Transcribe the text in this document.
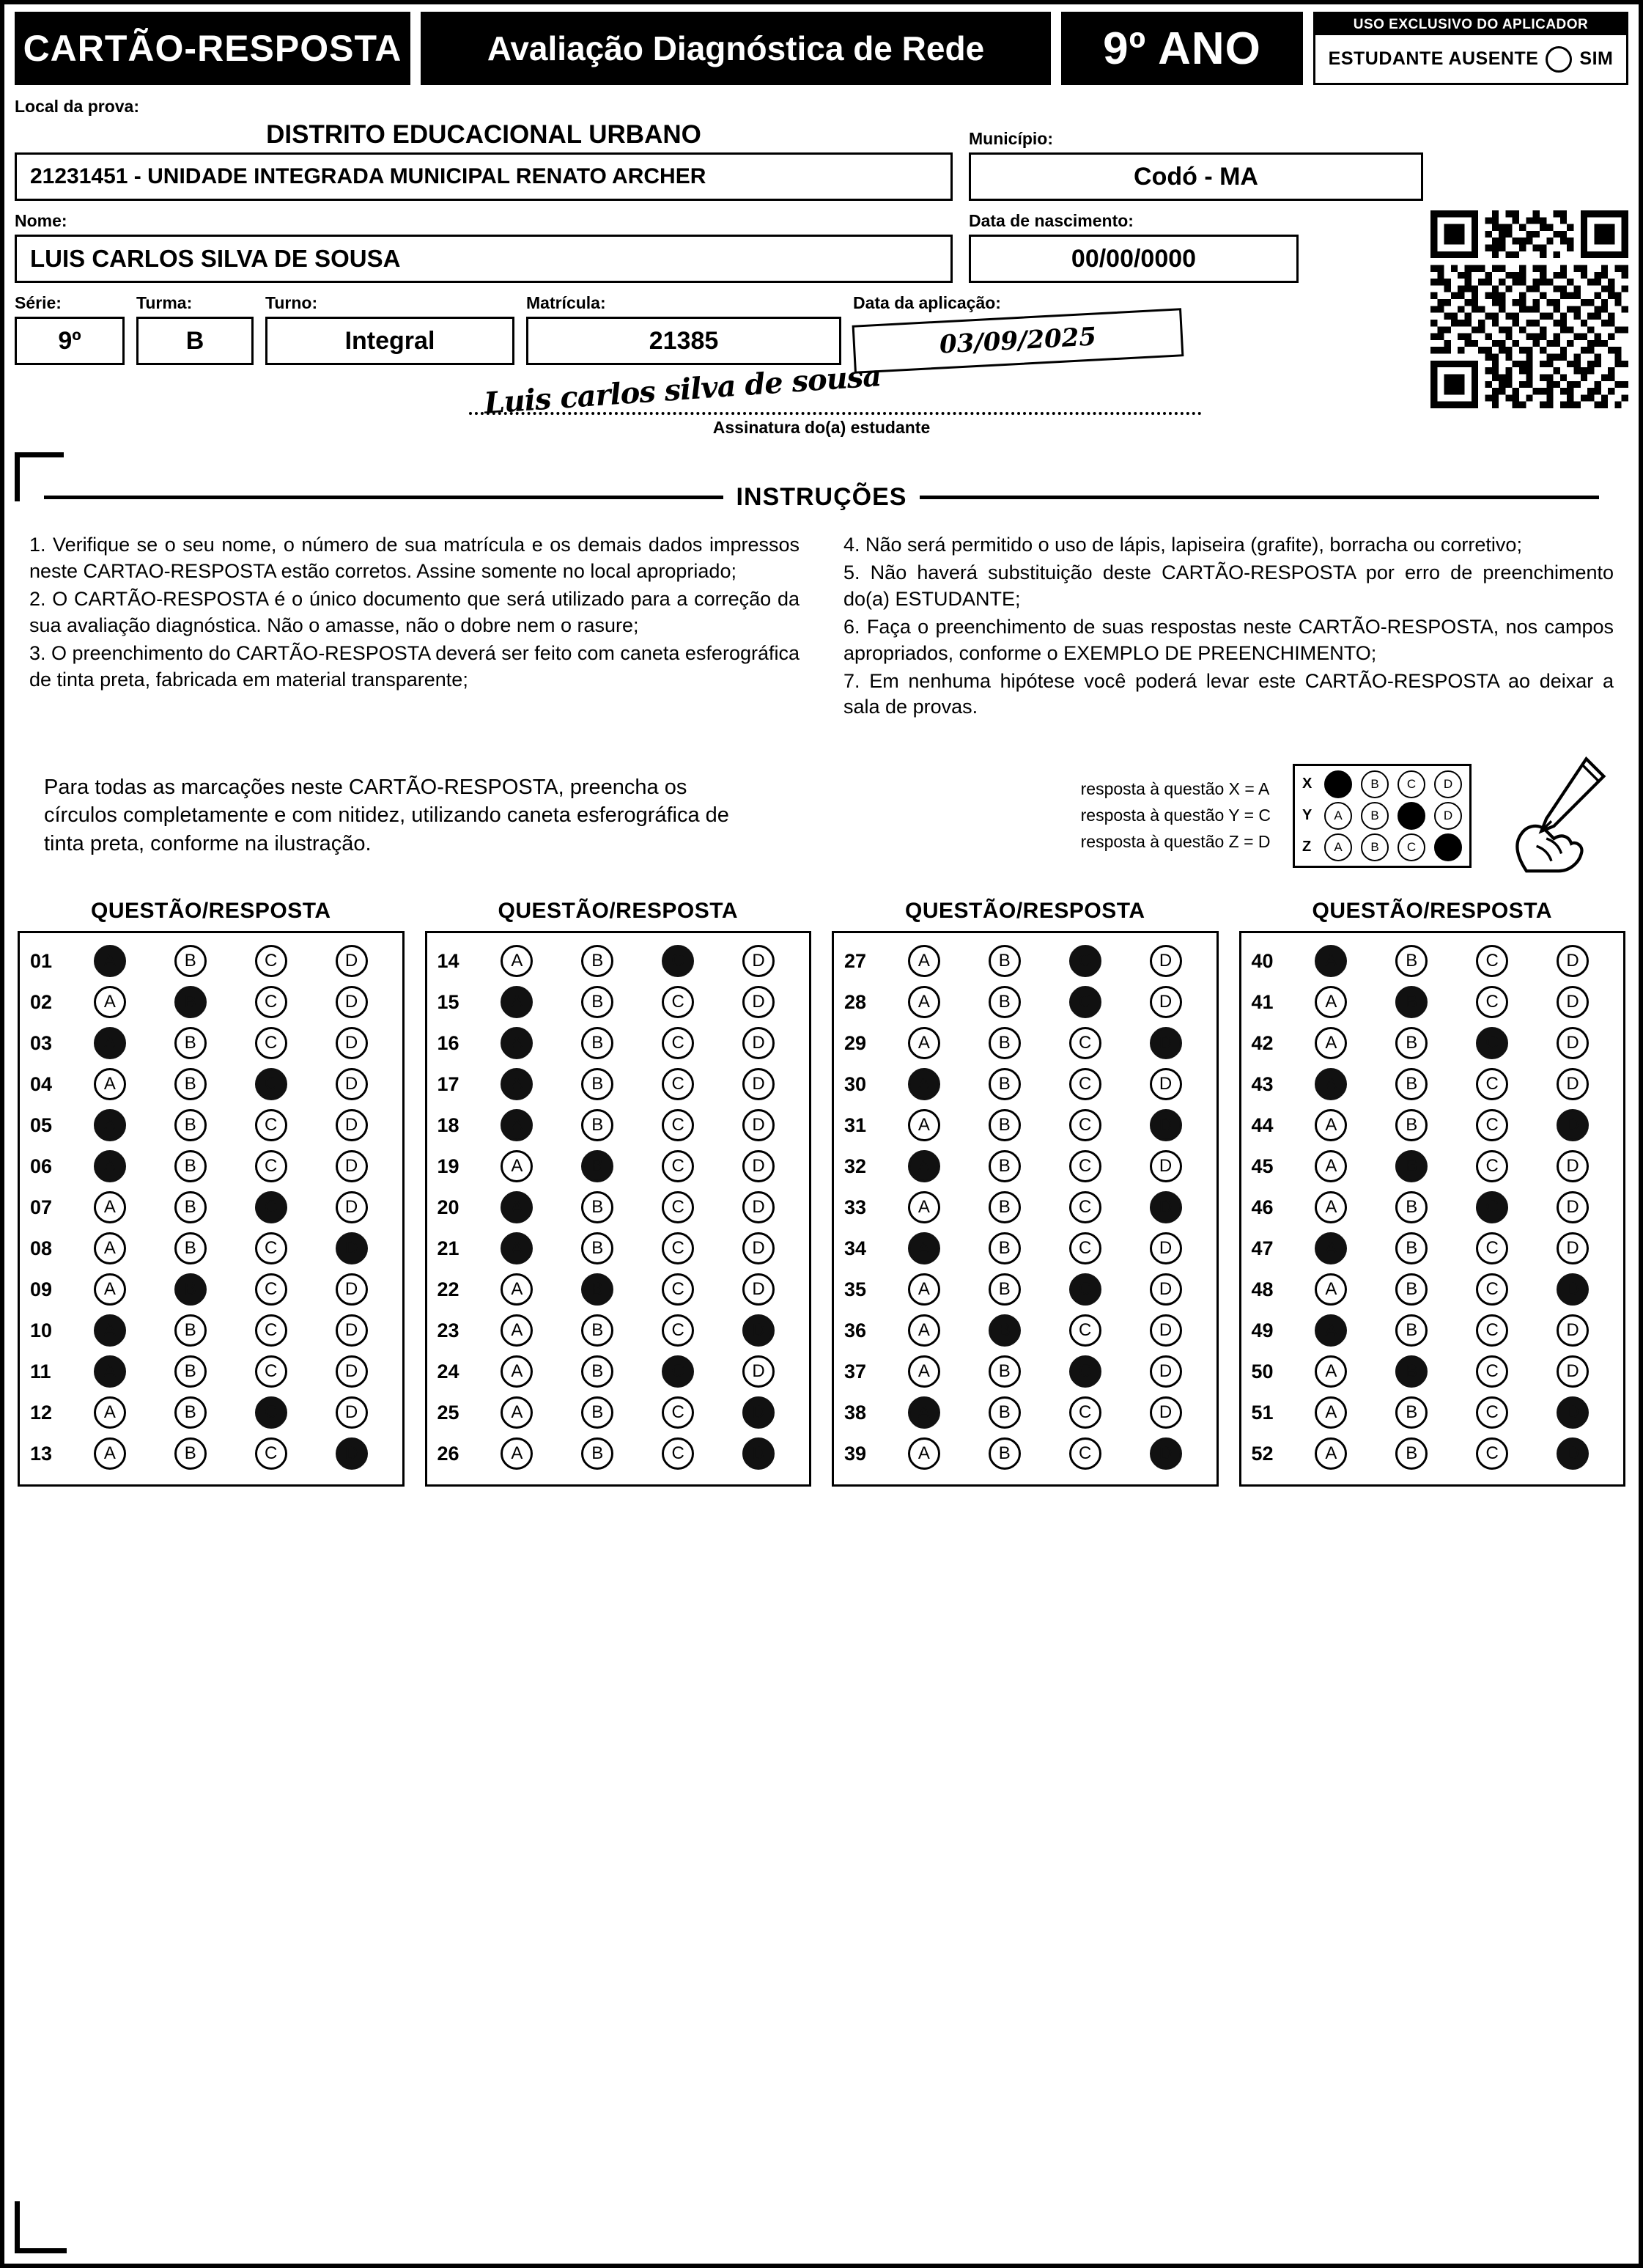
CARTÃO-RESPOSTA	Avaliação Diagnóstica de Rede	9º ANO	USO EXCLUSIVO DO APLICADOR
ESTUDANTE AUSENTE SIM
Local da prova:
DISTRITO EDUCACIONAL URBANO
21231451 - UNIDADE INTEGRADA MUNICIPAL RENATO ARCHER
Município:
Codó - MA
Nome:
LUIS CARLOS SILVA DE SOUSA
Data de nascimento:
00/00/0000
Série:
9º
Turma:
B
Turno:
Integral
Matrícula:
21385
Data da aplicação:
03/09/2025
Luis carlos silva de sousa
Assinatura do(a) estudante
INSTRUÇÕES

1. Verifique se o seu nome, o número de sua matrícula e os demais dados impressos neste CARTAO-RESPOSTA estão corretos. Assine somente no local apropriado;

2. O CARTÃO-RESPOSTA é o único documento que será utilizado para a correção da sua avaliação diagnóstica. Não o amasse, não o dobre nem o rasure;

3. O preenchimento do CARTÃO-RESPOSTA deverá ser feito com caneta esferográfica de tinta preta, fabricada em material transparente;

4. Não será permitido o uso de lápis, lapiseira (grafite), borracha ou corretivo;

5. Não haverá substituição deste CARTÃO-RESPOSTA por erro de preenchimento do(a) ESTUDANTE;

6. Faça o preenchimento de suas respostas neste CARTÃO-RESPOSTA, nos campos apropriados, conforme o EXEMPLO DE PREENCHIMENTO;

7. Em nenhuma hipótese você poderá levar este CARTÃO-RESPOSTA ao deixar a sala de provas.

Para todas as marcações neste CARTÃO-RESPOSTA, preencha os círculos completamente e com nitidez, utilizando caneta esferográfica de tinta preta, conforme na ilustração.
resposta à questão X = A
resposta à questão Y = C
resposta à questão Z = D
X	A	B	C	D
Y	A	B	C	D
Z	A	B	C	D
QUESTÃO/RESPOSTA
01	A	B	C	D
02	A	B	C	D
03	A	B	C	D
04	A	B	C	D
05	A	B	C	D
06	A	B	C	D
07	A	B	C	D
08	A	B	C	D
09	A	B	C	D
10	A	B	C	D
11	A	B	C	D
12	A	B	C	D
13	A	B	C	D
QUESTÃO/RESPOSTA
14	A	B	C	D
15	A	B	C	D
16	A	B	C	D
17	A	B	C	D
18	A	B	C	D
19	A	B	C	D
20	A	B	C	D
21	A	B	C	D
22	A	B	C	D
23	A	B	C	D
24	A	B	C	D
25	A	B	C	D
26	A	B	C	D
QUESTÃO/RESPOSTA
27	A	B	C	D
28	A	B	C	D
29	A	B	C	D
30	A	B	C	D
31	A	B	C	D
32	A	B	C	D
33	A	B	C	D
34	A	B	C	D
35	A	B	C	D
36	A	B	C	D
37	A	B	C	D
38	A	B	C	D
39	A	B	C	D
QUESTÃO/RESPOSTA
40	A	B	C	D
41	A	B	C	D
42	A	B	C	D
43	A	B	C	D
44	A	B	C	D
45	A	B	C	D
46	A	B	C	D
47	A	B	C	D
48	A	B	C	D
49	A	B	C	D
50	A	B	C	D
51	A	B	C	D
52	A	B	C	D
